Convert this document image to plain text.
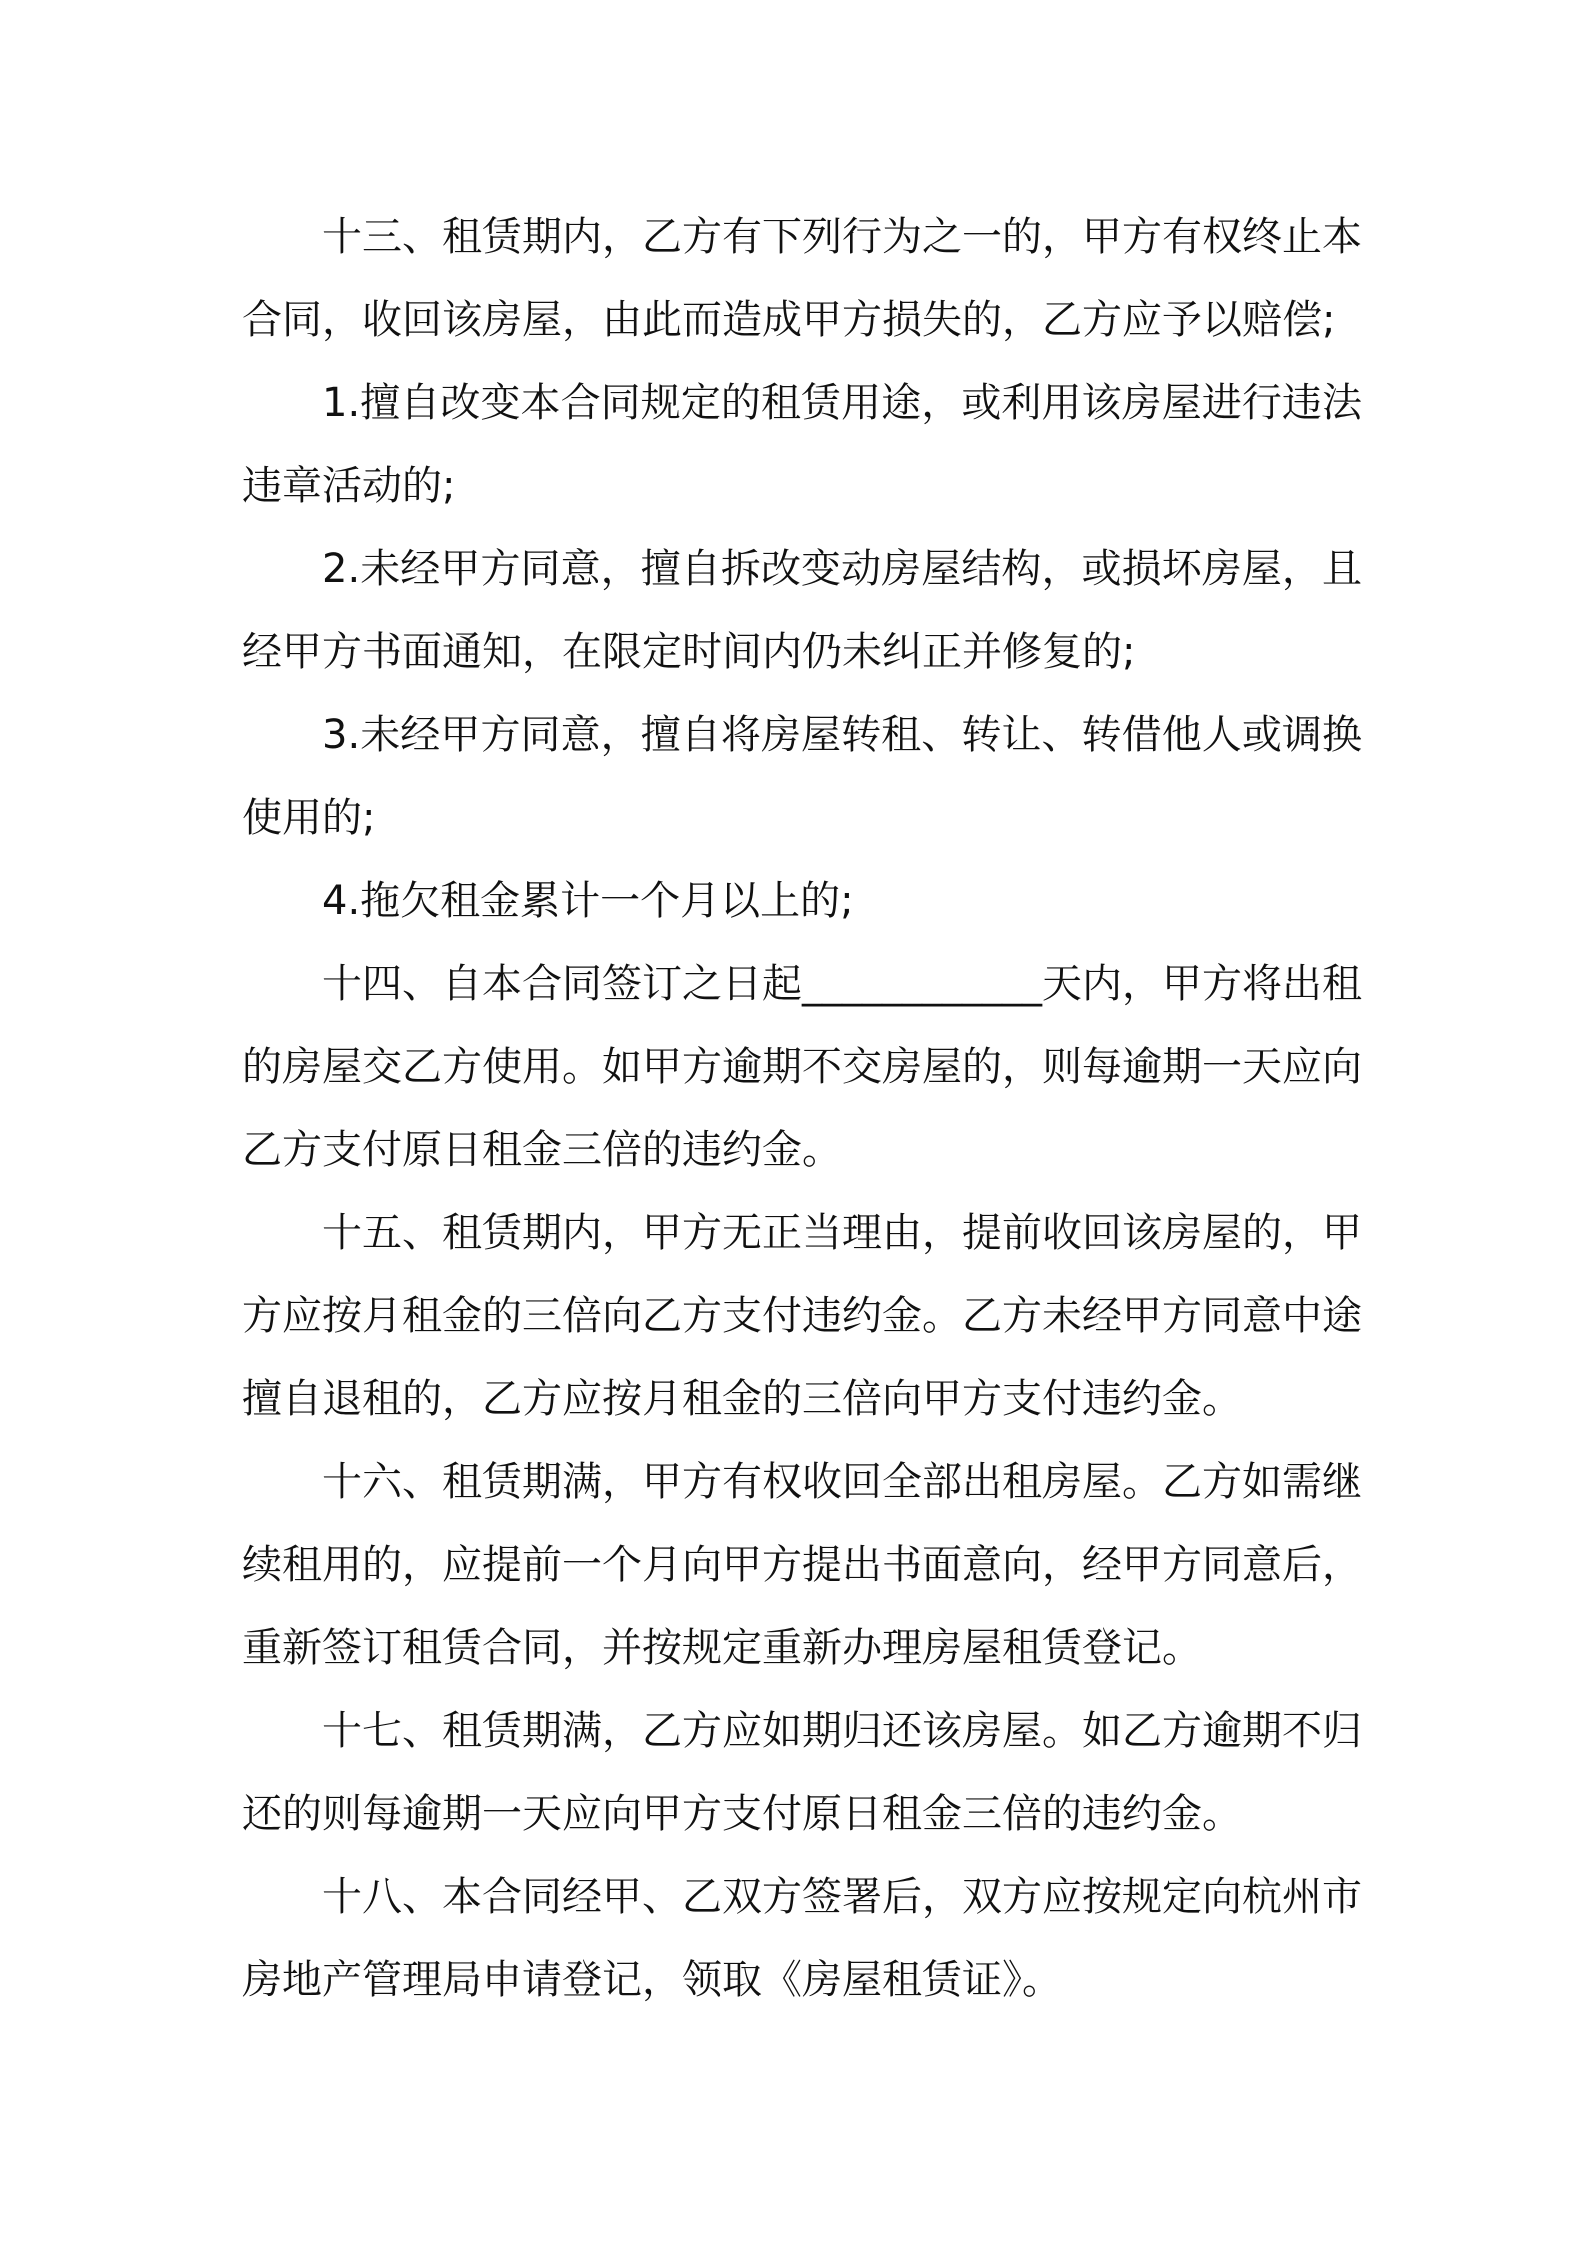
十三、租赁期内，乙方有下列行为之一的，甲方有权终止本合同，收回该房屋，由此而造成甲方损失的，乙方应予以赔偿;

1.擅自改变本合同规定的租赁用途，或利用该房屋进行违法违章活动的;

2.未经甲方同意，擅自拆改变动房屋结构，或损坏房屋，且经甲方书面通知，在限定时间内仍未纠正并修复的;

3.未经甲方同意，擅自将房屋转租、转让、转借他人或调换使用的;

4.拖欠租金累计一个月以上的;

十四、自本合同签订之日起____________天内，甲方将出租的房屋交乙方使用。如甲方逾期不交房屋的，则每逾期一天应向乙方支付原日租金三倍的违约金。

十五、租赁期内，甲方无正当理由，提前收回该房屋的，甲方应按月租金的三倍向乙方支付违约金。乙方未经甲方同意中途擅自退租的，乙方应按月租金的三倍向甲方支付违约金。

十六、租赁期满，甲方有权收回全部出租房屋。乙方如需继续租用的，应提前一个月向甲方提出书面意向，经甲方同意后，重新签订租赁合同，并按规定重新办理房屋租赁登记。

十七、租赁期满，乙方应如期归还该房屋。如乙方逾期不归还的则每逾期一天应向甲方支付原日租金三倍的违约金。

十八、本合同经甲、乙双方签署后，双方应按规定向杭州市房地产管理局申请登记，领取《房屋租赁证》。
